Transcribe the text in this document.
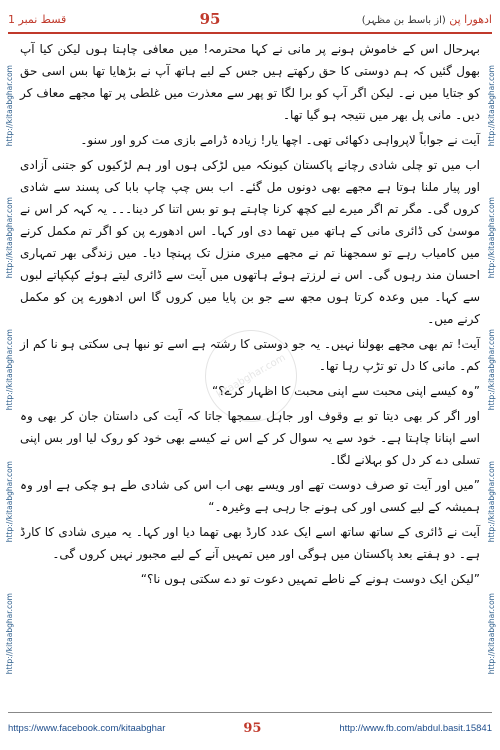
قسط نمبر 1	95	ادھورا پن (از باسط بن مظہر)
http://kitaabghar.com
http://kitaabghar.com
http://kitaabghar.com
http://kitaabghar.com
http://kitaabghar.com
http://kitaabghar.com
http://kitaabghar.com
http://kitaabghar.com
http://kitaabghar.com
http://kitaabghar.com
kitaabghar.com

بہرحال اس کے خاموش ہونے پر مانی نے کہا محترمہ! میں معافی چاہتا ہوں لیکن کیا آپ بھول گئیں کہ ہم دوستی کا حق رکھتے ہیں جس کے لیے ہاتھ آپ نے بڑھایا تھا بس اسی حق کو جتایا میں نے۔ لیکن اگر آپ کو برا لگا تو پھر سے معذرت میں غلطی پر تھا مجھے معاف کر دیں۔ مانی پل بھر میں نتیجہ ہو گیا تھا۔

آیت نے جواباً لاپرواہی دکھائی تھی۔ اچھا یار! زیادہ ڈرامے بازی مت کرو اور سنو۔

اب میں تو چلی شادی رچانے پاکستان کیونکہ میں لڑکی ہوں اور ہم لڑکیوں کو جتنی آزادی اور پیار ملنا ہوتا ہے مجھے بھی دونوں مل گئے۔ اب بس چپ چاپ بابا کی پسند سے شادی کروں گی۔ مگر تم اگر میرے لیے کچھ کرنا چاہتے ہو تو بس اتنا کر دینا۔۔۔ یہ کہہ کر اس نے موسیٰ کی ڈائری مانی کے ہاتھ میں تھما دی اور کہا۔ اس ادھورے پن کو اگر تم مکمل کرنے میں کامیاب رہے تو سمجھنا تم نے مجھے میری منزل تک پہنچا دیا۔ میں زندگی بھر تمہاری احسان مند رہوں گی۔ اس نے لرزتے ہوئے ہاتھوں میں آیت سے ڈائری لیتے ہوئے کپکپاتے لبوں سے کہا۔ میں وعدہ کرتا ہوں مجھ سے جو بن پایا میں کروں گا اس ادھورے پن کو مکمل کرنے میں۔

آیت! تم بھی مجھے بھولنا نہیں۔ یہ جو دوستی کا رشتہ ہے اسے تو نبھا ہی سکتی ہو نا کم از کم۔ مانی کا دل تو تڑپ رہا تھا۔

”وہ کیسے اپنی محبت سے اپنی محبت کا اظہار کرے؟“

اور اگر کر بھی دیتا تو بے وقوف اور جاہل سمجھا جاتا کہ آیت کی داستان جان کر بھی وہ اسے اپنانا چاہتا ہے۔ خود سے یہ سوال کر کے اس نے کیسے بھی خود کو روک لیا اور بس اپنی تسلی دے کر دل کو بہلانے لگا۔

”میں اور آیت تو صرف دوست تھے اور ویسے بھی اب اس کی شادی طے ہو چکی ہے اور وہ ہمیشہ کے لیے کسی اور کی ہونے جا رہی ہے وغیرہ۔“

آیت نے ڈائری کے ساتھ ساتھ اسے ایک عدد کارڈ بھی تھما دیا اور کہا۔ یہ میری شادی کا کارڈ ہے۔ دو ہفتے بعد پاکستان میں ہوگی اور میں تمہیں آنے کے لیے مجبور نہیں کروں گی۔

”لیکن ایک دوست ہونے کے ناطے تمہیں دعوت تو دے سکتی ہوں نا؟“

https://www.facebook.com/kitaabghar	95	http://www.fb.com/abdul.basit.15841
